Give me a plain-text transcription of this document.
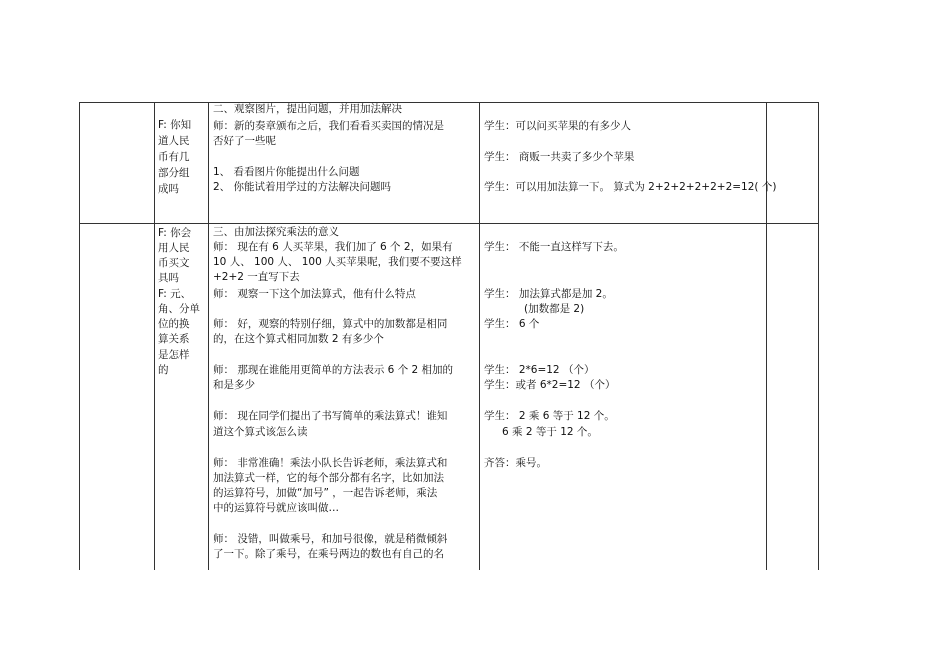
F: 你知
道人民
币有几
部分组
成吗
二、观察图片，提出问题，并用加法解决
师：新的奏章颁布之后，我们看看买卖国的情况是
否好了一些呢
1、 看看图片你能提出什么问题
2、 你能试着用学过的方法解决问题吗
学生：可以问买苹果的有多少人
学生： 商贩一共卖了多少个苹果
学生：可以用加法算一下。 算式为 2+2+2+2+2+2=12( 个)
F: 你会
用人民
币买文
具吗
F: 元、
角、分单
位的换
算关系
是怎样
的
三、由加法探究乘法的意义
师： 现在有 6 人买苹果，我们加了 6 个 2，如果有
10 人、 100 人、 100 人买苹果呢，我们要不要这样
+2+2 一直写下去
师： 观察一下这个加法算式，他有什么特点
师： 好，观察的特别仔细，算式中的加数都是相同
的，在这个算式相同加数 2 有多少个
师： 那现在谁能用更简单的方法表示 6 个 2 相加的
和是多少
师： 现在同学们提出了书写简单的乘法算式！谁知
道这个算式该怎么读
师： 非常准确！乘法小队长告诉老师，乘法算式和
加法算式一样，它的每个部分都有名字，比如加法
的运算符号，加做“加号” ，一起告诉老师，乘法
中的运算符号就应该叫做…
师： 没错，叫做乘号，和加号很像，就是稍微倾斜
了一下。除了乘号，在乘号两边的数也有自己的名
学生： 不能一直这样写下去。
学生： 加法算式都是加 2。
(加数都是 2)
学生： 6 个
学生： 2*6=12 （个）
学生：或者 6*2=12 （个）
学生： 2 乘 6 等于 12 个。
6 乘 2 等于 12 个。
齐答：乘号。
